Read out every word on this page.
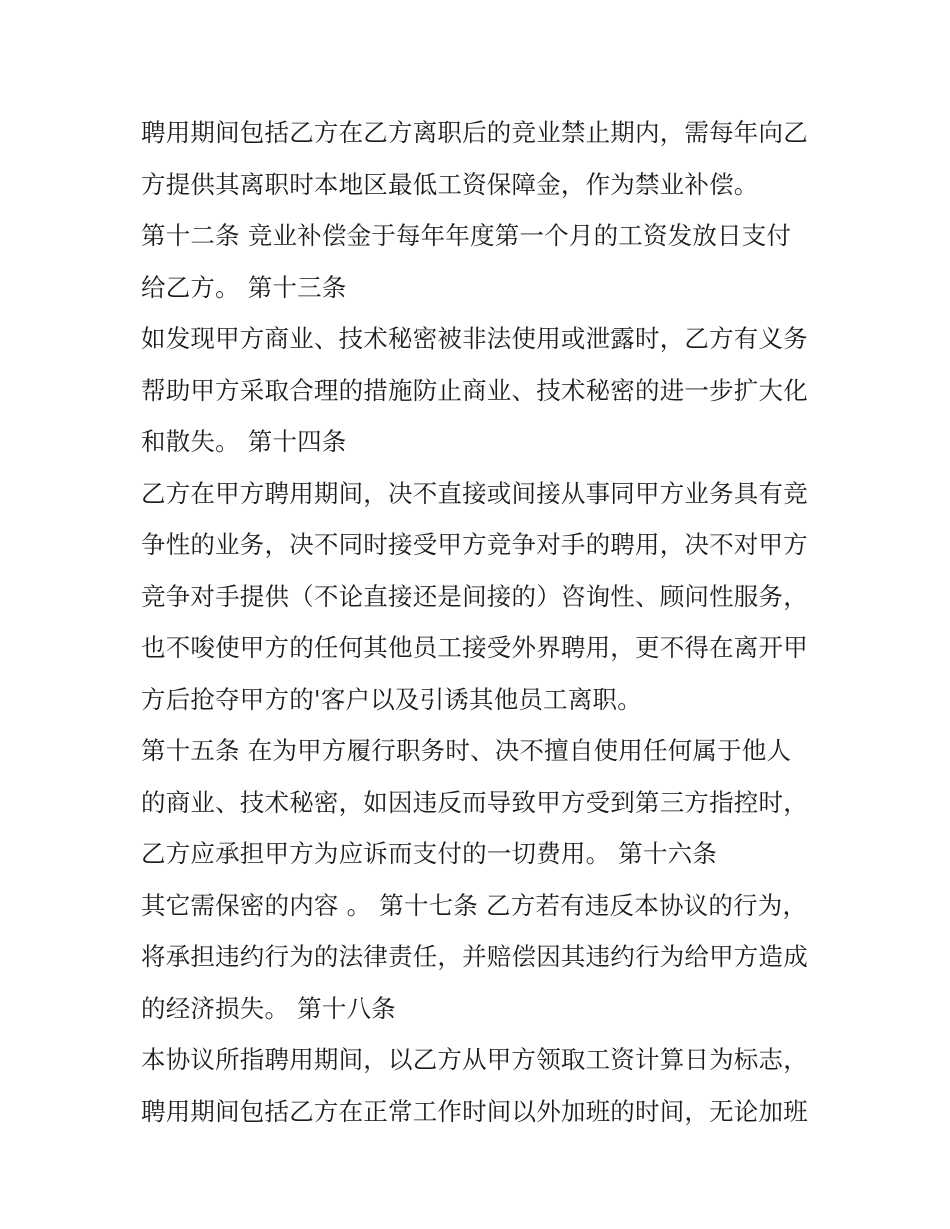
聘用期间包括乙方在乙方离职后的竞业禁止期内，需每年向乙
方提供其离职时本地区最低工资保障金，作为禁业补偿。
第十二条 竞业补偿金于每年年度第一个月的工资发放日支付
给乙方。 第十三条
如发现甲方商业、技术秘密被非法使用或泄露时，乙方有义务
帮助甲方采取合理的措施防止商业、技术秘密的进一步扩大化
和散失。 第十四条
乙方在甲方聘用期间，决不直接或间接从事同甲方业务具有竞
争性的业务，决不同时接受甲方竞争对手的聘用，决不对甲方
竞争对手提供（不论直接还是间接的）咨询性、顾问性服务，
也不唆使甲方的任何其他员工接受外界聘用，更不得在离开甲
方后抢夺甲方的'客户以及引诱其他员工离职。
第十五条 在为甲方履行职务时、决不擅自使用任何属于他人
的商业、技术秘密，如因违反而导致甲方受到第三方指控时，
乙方应承担甲方为应诉而支付的一切费用。 第十六条
其它需保密的内容 。 第十七条 乙方若有违反本协议的行为，
将承担违约行为的法律责任，并赔偿因其违约行为给甲方造成
的经济损失。 第十八条
本协议所指聘用期间，以乙方从甲方领取工资计算日为标志，
聘用期间包括乙方在正常工作时间以外加班的时间，无论加班
